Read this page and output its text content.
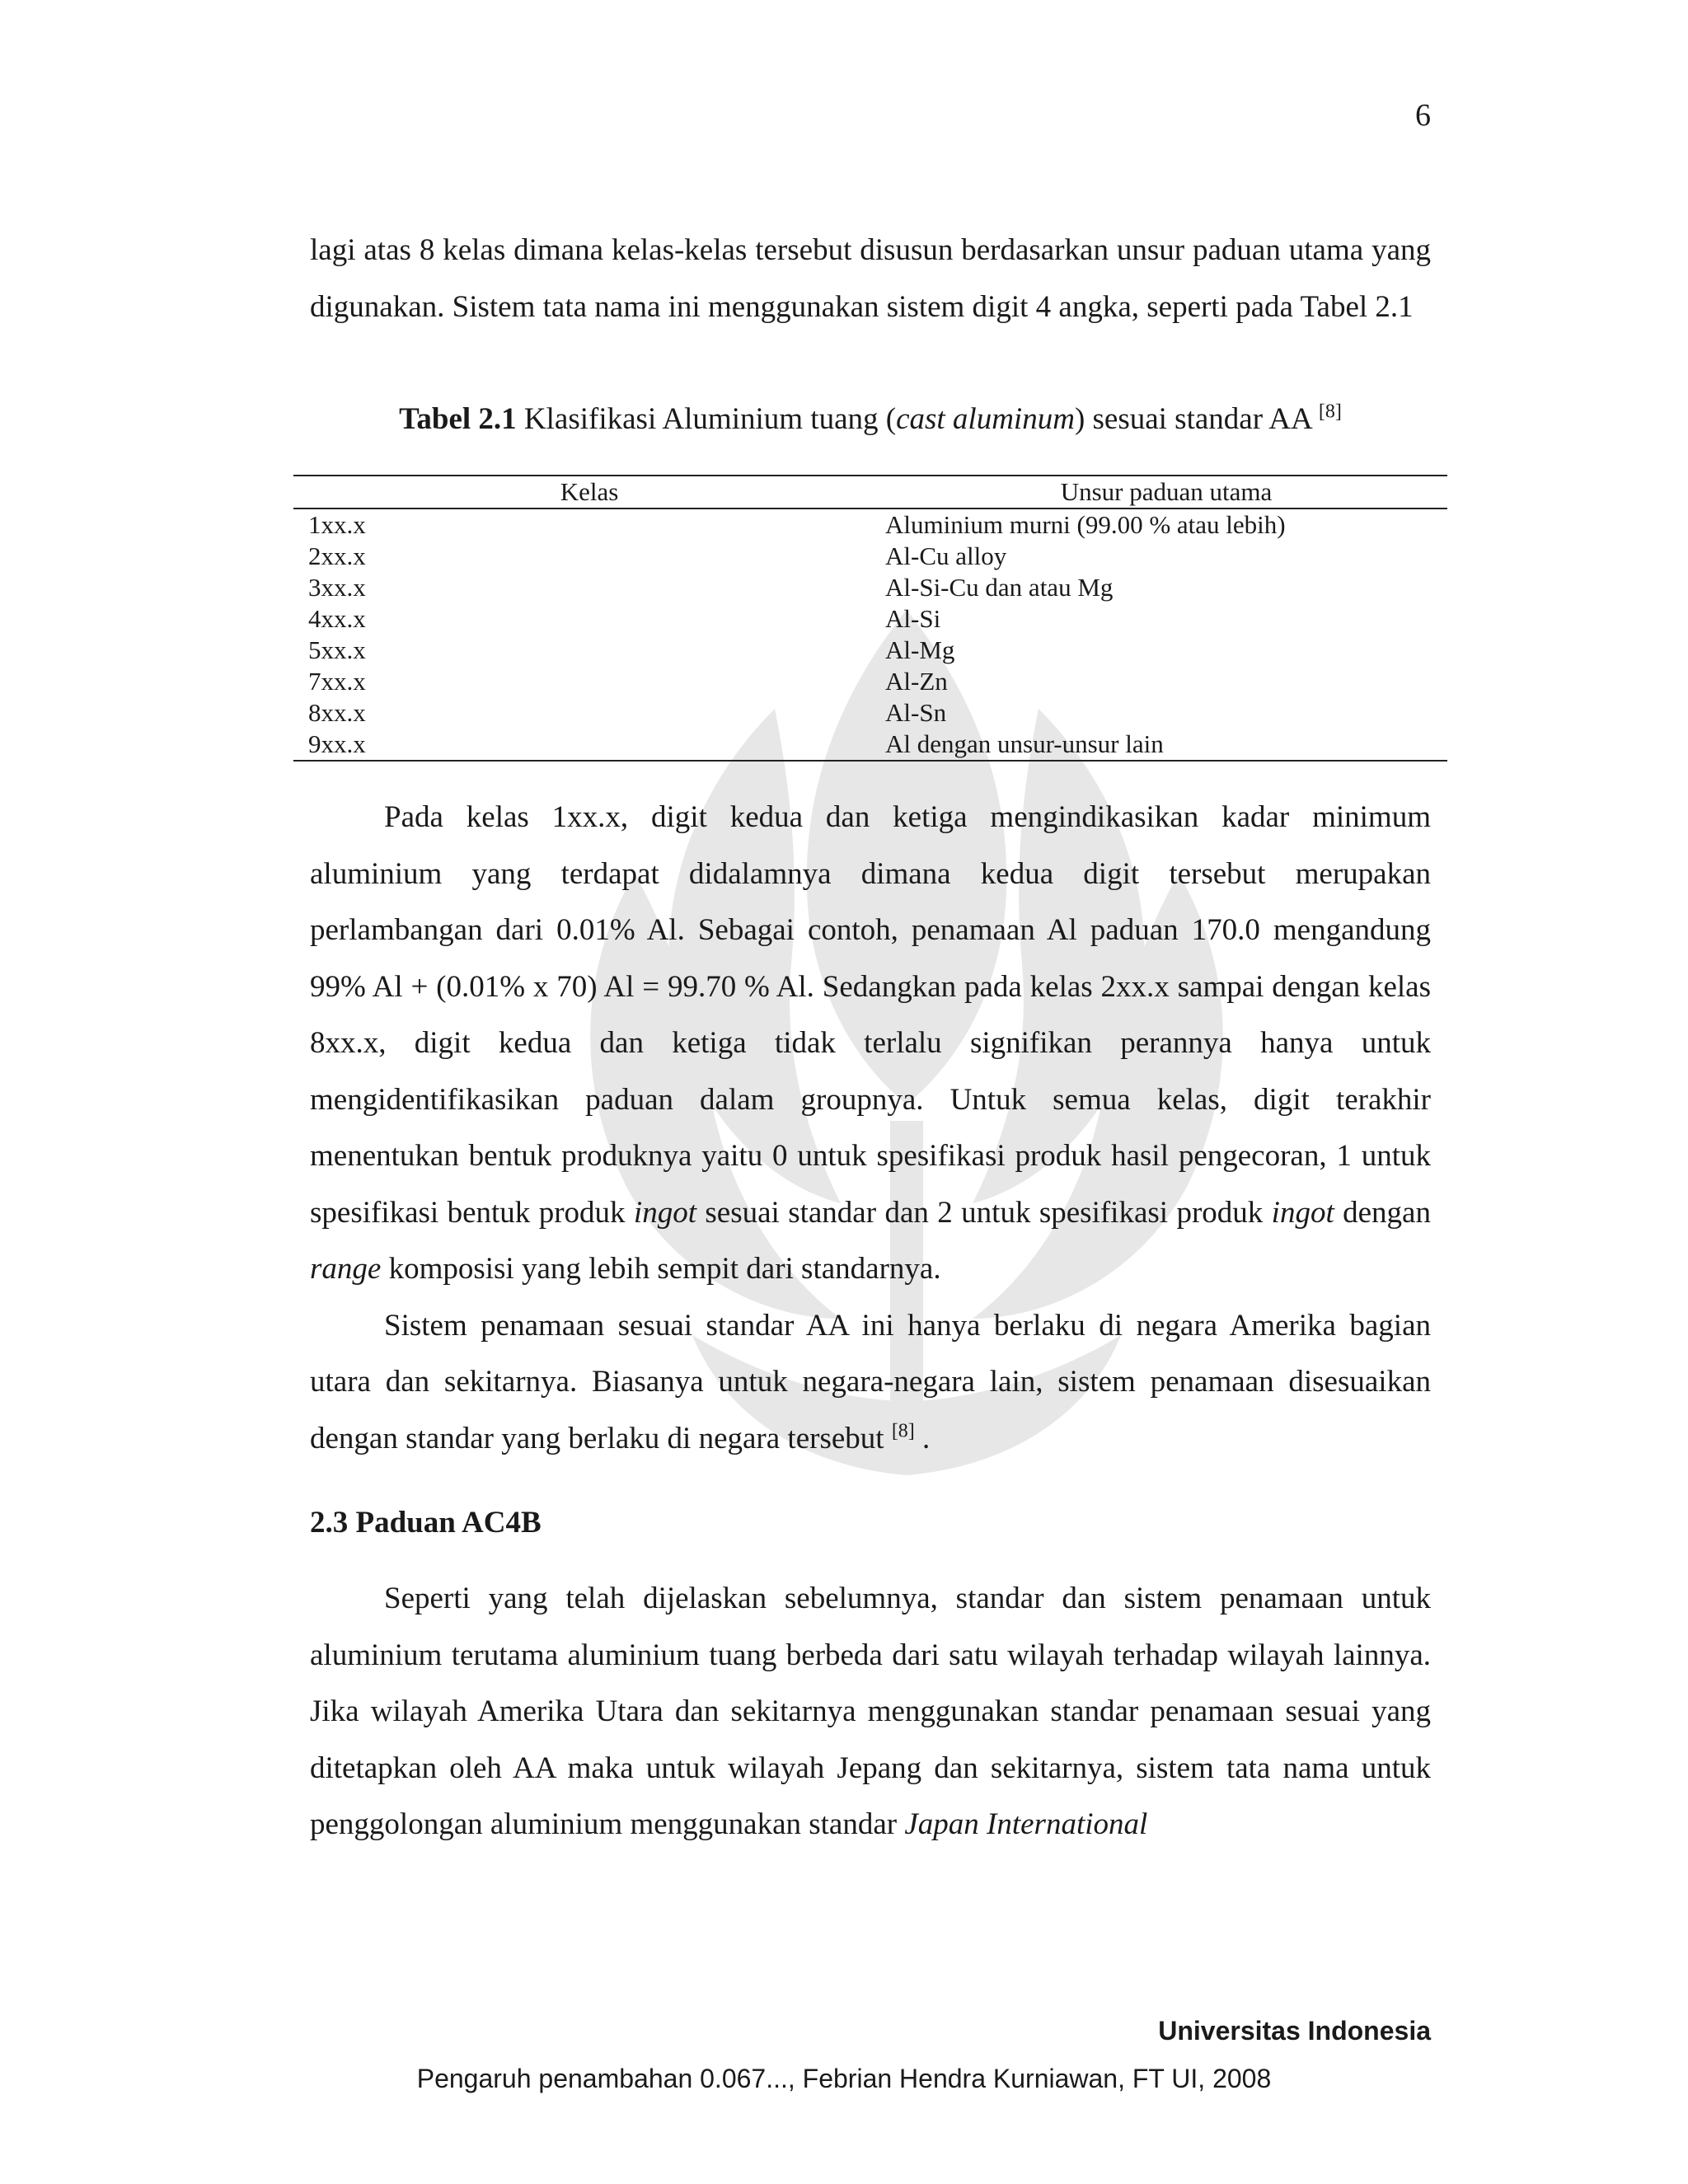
6

lagi atas 8 kelas dimana kelas-kelas tersebut disusun berdasarkan unsur paduan utama yang digunakan. Sistem tata nama ini menggunakan sistem digit 4 angka, seperti pada Tabel 2.1

Tabel 2.1 Klasifikasi Aluminium tuang (cast aluminum) sesuai standar AA [8]
Kelas	Unsur paduan utama
1xx.x	Aluminium murni (99.00 % atau lebih)
2xx.x	Al-Cu alloy
3xx.x	Al-Si-Cu dan atau Mg
4xx.x	Al-Si
5xx.x	Al-Mg
7xx.x	Al-Zn
8xx.x	Al-Sn
9xx.x	Al dengan unsur-unsur lain

Pada kelas 1xx.x, digit kedua dan ketiga mengindikasikan kadar minimum aluminium yang terdapat didalamnya dimana kedua digit tersebut merupakan perlambangan dari 0.01% Al. Sebagai contoh, penamaan Al paduan 170.0 mengandung 99% Al + (0.01% x 70) Al = 99.70 % Al. Sedangkan pada kelas 2xx.x sampai dengan kelas 8xx.x, digit kedua dan ketiga tidak terlalu signifikan perannya hanya untuk mengidentifikasikan paduan dalam groupnya. Untuk semua kelas, digit terakhir menentukan bentuk produknya yaitu 0 untuk spesifikasi produk hasil pengecoran, 1 untuk spesifikasi bentuk produk ingot sesuai standar dan 2 untuk spesifikasi produk ingot dengan range komposisi yang lebih sempit dari standarnya.

Sistem penamaan sesuai standar AA ini hanya berlaku di negara Amerika bagian utara dan sekitarnya. Biasanya untuk negara-negara lain, sistem penamaan disesuaikan dengan standar yang berlaku di negara tersebut [8] .

2.3 Paduan AC4B

Seperti yang telah dijelaskan sebelumnya, standar dan sistem penamaan untuk aluminium terutama aluminium tuang berbeda dari satu wilayah terhadap wilayah lainnya. Jika wilayah Amerika Utara dan sekitarnya menggunakan standar penamaan sesuai yang ditetapkan oleh AA maka untuk wilayah Jepang dan sekitarnya, sistem tata nama untuk penggolongan aluminium menggunakan standar Japan International

Universitas Indonesia
Pengaruh penambahan 0.067..., Febrian Hendra Kurniawan, FT UI, 2008
